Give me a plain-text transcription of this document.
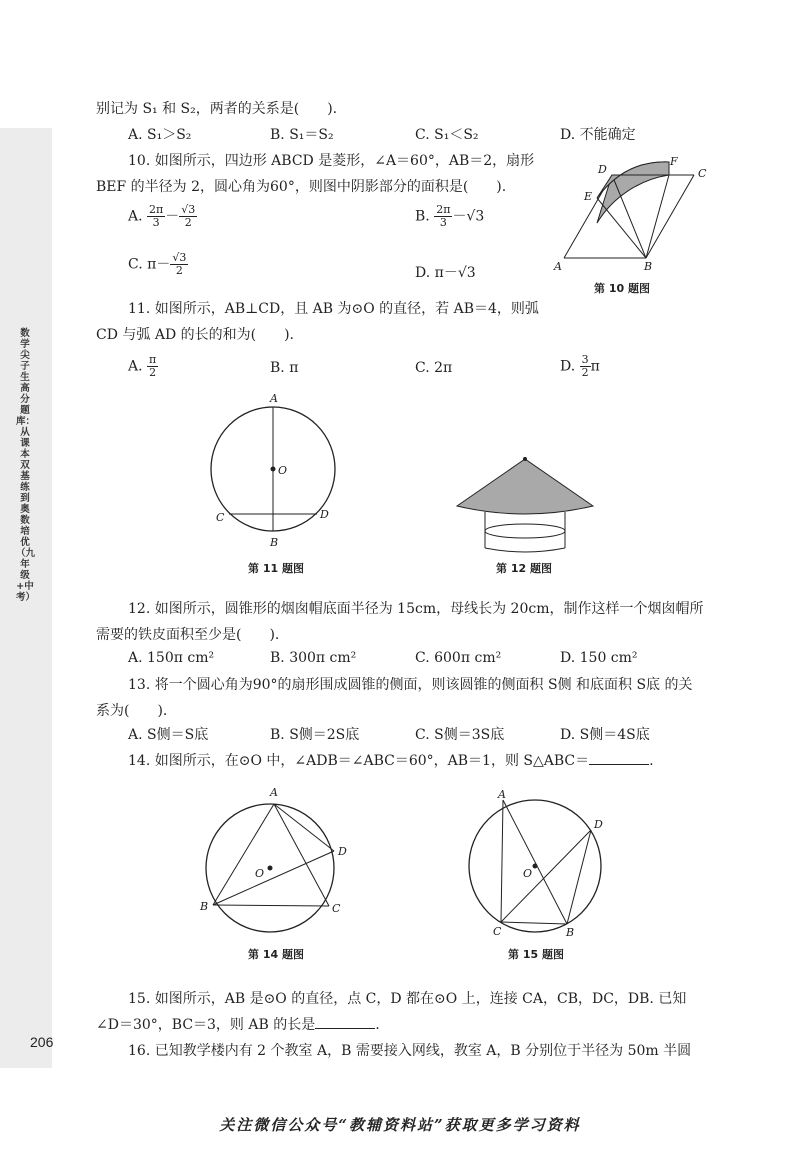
数学尖子生高分题库：从课本双基练到奥数培优（九年级+中考）
206
别记为 S₁ 和 S₂，两者的关系是(　　).
A. S₁＞S₂	B. S₁＝S₂	C. S₁＜S₂	D. 不能确定
10. 如图所示，四边形 ABCD 是菱形，∠A＝60°，AB＝2，扇形
BEF 的半径为 2，圆心角为60°，则图中阴影部分的面积是(　　).
A. $\frac{2\pi}{3} - \frac{√3}{2}$	B. $\frac{2\pi}{3} -√3$
C. $\pi- \frac{√3}{2}$	D. π－√3	A	B
C
D
E
F
第 10 题图
11. 如图所示，AB⊥CD，且 AB 为⊙O 的直径，若 AB＝4，则弧
CD 与弧 AD 的长的和为(　　).
A. $\frac{\pi}{2}$	B. π	C. 2π	D. $\frac{3}{2}$ π
A
B
C	D
O
第 11 题图	第 12 题图
12. 如图所示，圆锥形的烟囱帽底面半径为 15cm，母线长为 20cm，制作这样一个烟囱帽所
需要的铁皮面积至少是(　　).
A. 150π cm²	B. 300π cm²	C. 600π cm²	D. 150 cm²
13. 将一个圆心角为90°的扇形围成圆锥的侧面，则该圆锥的侧面积 S侧 和底面积 S底 的关
系为(　　).
A. S侧＝S底	B. S侧＝2S底	C. S侧＝3S底	D. S侧＝4S底
14. 如图所示，在⊙O 中，∠ADB＝∠ABC＝60°，AB＝1，则 S△ABC＝	.
A
B	C
D
O
第 14 题图
A
B
C
D
O
第 15 题图
15. 如图所示，AB 是⊙O 的直径，点 C，D 都在⊙O 上，连接 CA，CB，DC，DB. 已知
∠D＝30°，BC＝3，则 AB 的长是	.
16. 已知教学楼内有 2 个教室 A，B 需要接入网线，教室 A，B 分别位于半径为 50m 半圆
关注微信公众号“教辅资料站”获取更多学习资料
